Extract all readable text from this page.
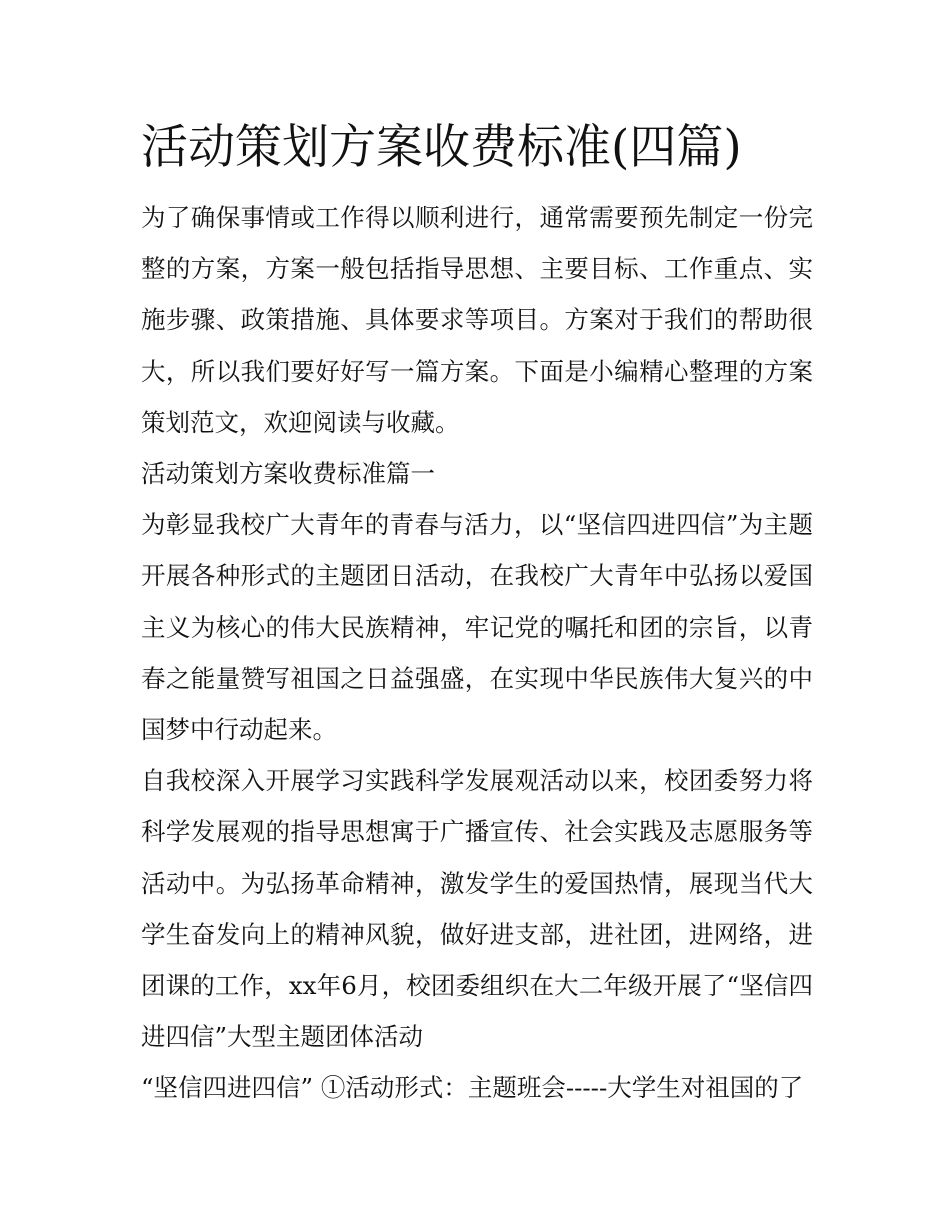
活动策划方案收费标准(四篇)

为了确保事情或工作得以顺利进行，通常需要预先制定一份完整的方案，方案一般包括指导思想、主要目标、工作重点、实施步骤、政策措施、具体要求等项目。方案对于我们的帮助很大，所以我们要好好写一篇方案。下面是小编精心整理的方案策划范文，欢迎阅读与收藏。

活动策划方案收费标准篇一

为彰显我校广大青年的青春与活力，以“坚信四进四信”为主题开展各种形式的主题团日活动，在我校广大青年中弘扬以爱国主义为核心的伟大民族精神，牢记党的嘱托和团的宗旨，以青春之能量赞写祖国之日益强盛，在实现中华民族伟大复兴的中国梦中行动起来。

自我校深入开展学习实践科学发展观活动以来，校团委努力将科学发展观的指导思想寓于广播宣传、社会实践及志愿服务等活动中。为弘扬革命精神，激发学生的爱国热情，展现当代大学生奋发向上的精神风貌，做好进支部，进社团，进网络，进团课的工作，xx年6月，校团委组织在大二年级开展了“坚信四进四信”大型主题团体活动

“坚信四进四信” ①活动形式：主题班会-----大学生对祖国的了
